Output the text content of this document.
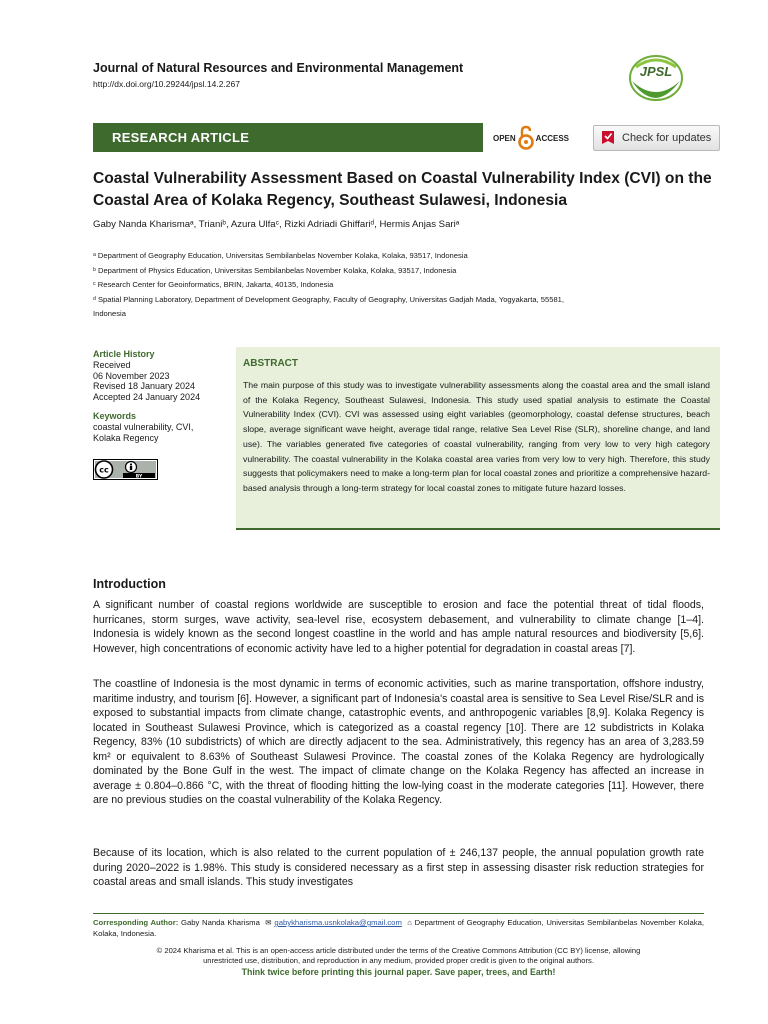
Journal of Natural Resources and Environmental Management
http://dx.doi.org/10.29244/jpsl.14.2.267
JPSL
RESEARCH ARTICLE	OPEN	ACCESS	Check for updates
Coastal Vulnerability Assessment Based on Coastal Vulnerability Index (CVI) on the Coastal Area of Kolaka Regency, Southeast Sulawesi, Indonesia
Gaby Nanda Kharismaᵃ, Trianiᵇ, Azura Ulfaᶜ, Rizki Adriadi Ghiffariᵈ, Hermis Anjas Sariᵃ
ᵃ Department of Geography Education, Universitas Sembilanbelas November Kolaka, Kolaka, 93517, Indonesia
ᵇ Department of Physics Education, Universitas Sembilanbelas November Kolaka, Kolaka, 93517, Indonesia
ᶜ Research Center for Geoinformatics, BRIN, Jakarta, 40135, Indonesia
ᵈ Spatial Planning Laboratory, Department of Development Geography, Faculty of Geography, Universitas Gadjah Mada, Yogyakarta, 55581,
Indonesia
Article History
Received
06 November 2023
Revised 18 January 2024
Accepted 24 January 2024
Keywords
coastal vulnerability, CVI,
Kolaka Regency
cc
BY
ABSTRACT
The main purpose of this study was to investigate vulnerability assessments along the coastal area and the small island of the Kolaka Regency, Southeast Sulawesi, Indonesia. This study used spatial analysis to estimate the Coastal Vulnerability Index (CVI). CVI was assessed using eight variables (geomorphology, coastal defense structures, beach slope, average significant wave height, average tidal range, relative Sea Level Rise (SLR), shoreline change, and land use). The variables generated five categories of coastal vulnerability, ranging from very low to very high category vulnerability. The coastal vulnerability in the Kolaka coastal area varies from very low to very high. Therefore, this study suggests that policymakers need to make a long-term plan for local coastal zones and prioritize a comprehensive hazard-based analysis through a long-term strategy for local coastal zones to mitigate future hazard losses.
Introduction
A significant number of coastal regions worldwide are susceptible to erosion and face the potential threat of tidal floods, hurricanes, storm surges, wave activity, sea-level rise, ecosystem debasement, and vulnerability to climate change [1–4]. Indonesia is widely known as the second longest coastline in the world and has ample natural resources and biodiversity [5,6]. However, high concentrations of economic activity have led to a higher potential for degradation in coastal areas [7].
The coastline of Indonesia is the most dynamic in terms of economic activities, such as marine transportation, offshore industry, maritime industry, and tourism [6]. However, a significant part of Indonesia's coastal area is sensitive to Sea Level Rise/SLR and is exposed to substantial impacts from climate change, catastrophic events, and anthropogenic variables [8,9]. Kolaka Regency is located in Southeast Sulawesi Province, which is categorized as a coastal regency [10]. There are 12 subdistricts in Kolaka Regency, 83% (10 subdistricts) of which are directly adjacent to the sea. Administratively, this regency has an area of 3,283.59 km² or equivalent to 8.63% of Southeast Sulawesi Province. The coastal zones of the Kolaka Regency are hydrologically dominated by the Bone Gulf in the west. The impact of climate change on the Kolaka Regency has affected an increase in average ± 0.804–0.866 °C, with the threat of flooding hitting the low-lying coast in the moderate categories [11]. However, there are no previous studies on the coastal vulnerability of the Kolaka Regency.
Because of its location, which is also related to the current population of ± 246,137 people, the annual population growth rate during 2020–2022 is 1.98%. This study is considered necessary as a first step in assessing disaster risk reduction strategies for coastal areas and small islands. This study investigates
Corresponding Author: Gaby Nanda Kharisma ✉ gabykharisma.usnkolaka@gmail.com ⌂ Department of Geography Education, Universitas Sembilanbelas November Kolaka, Kolaka, Indonesia.
© 2024 Kharisma et al. This is an open-access article distributed under the terms of the Creative Commons Attribution (CC BY) license, allowing
unrestricted use, distribution, and reproduction in any medium, provided proper credit is given to the original authors.
Think twice before printing this journal paper. Save paper, trees, and Earth!
